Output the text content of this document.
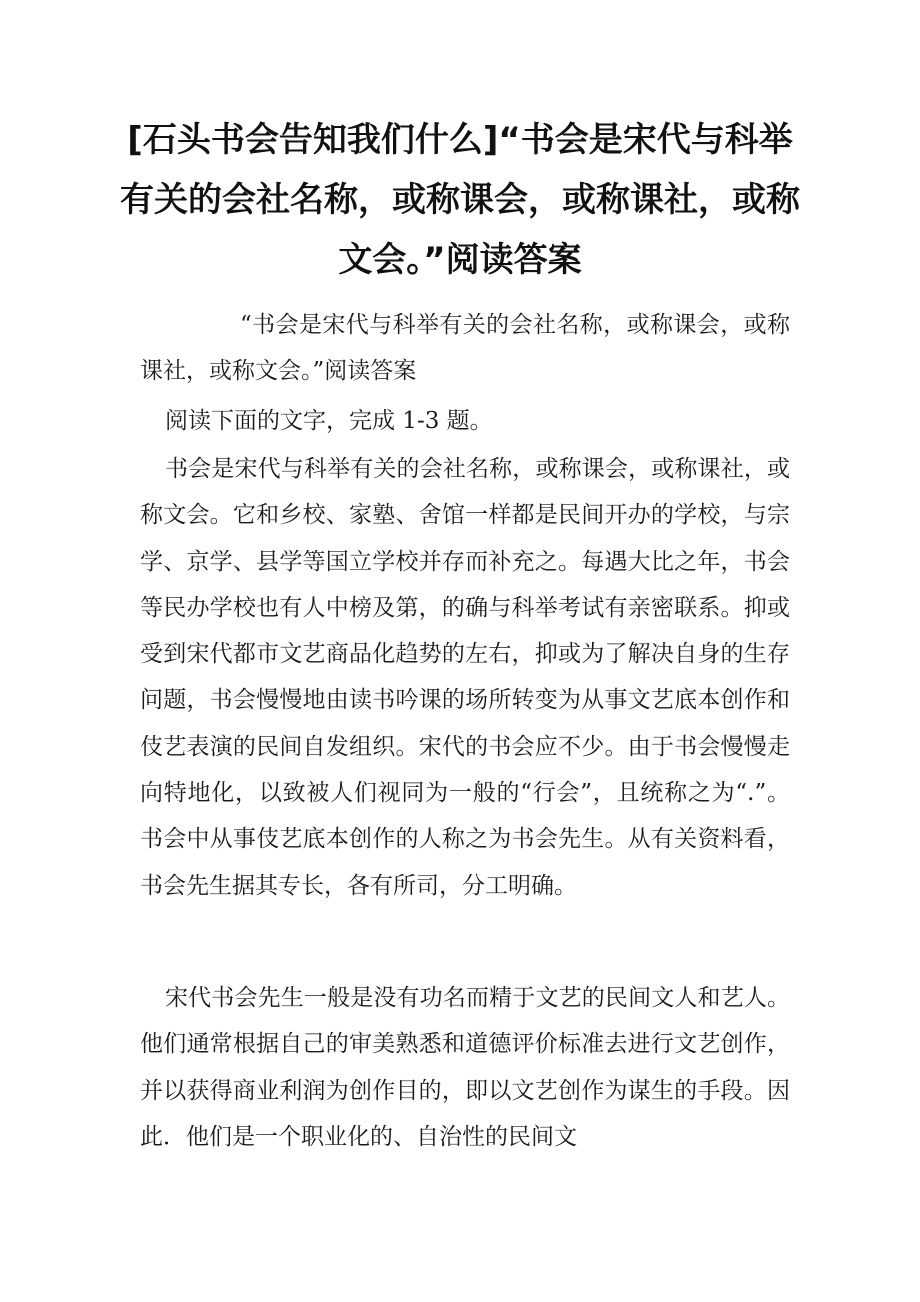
[石头书会告知我们什么]“书会是宋代与科举有关的会社名称，或称课会，或称课社，或称文会。”阅读答案

“书会是宋代与科举有关的会社名称，或称课会，或称课社，或称文会。”阅读答案

阅读下面的文字，完成 1-3 题。

书会是宋代与科举有关的会社名称，或称课会，或称课社，或称文会。它和乡校、家塾、舍馆一样都是民间开办的学校，与宗学、京学、县学等国立学校并存而补充之。每遇大比之年，书会等民办学校也有人中榜及第，的确与科举考试有亲密联系。抑或受到宋代都市文艺商品化趋势的左右，抑或为了解决自身的生存问题，书会慢慢地由读书吟课的场所转变为从事文艺底本创作和伎艺表演的民间自发组织。宋代的书会应不少。由于书会慢慢走向特地化，以致被人们视同为一般的“行会”，且统称之为“.”。书会中从事伎艺底本创作的人称之为书会先生。从有关资料看，书会先生据其专长，各有所司，分工明确。

宋代书会先生一般是没有功名而精于文艺的民间文人和艺人。他们通常根据自己的审美熟悉和道德评价标准去进行文艺创作，并以获得商业利润为创作目的，即以文艺创作为谋生的手段。因此．他们是一个职业化的、自治性的民间文
